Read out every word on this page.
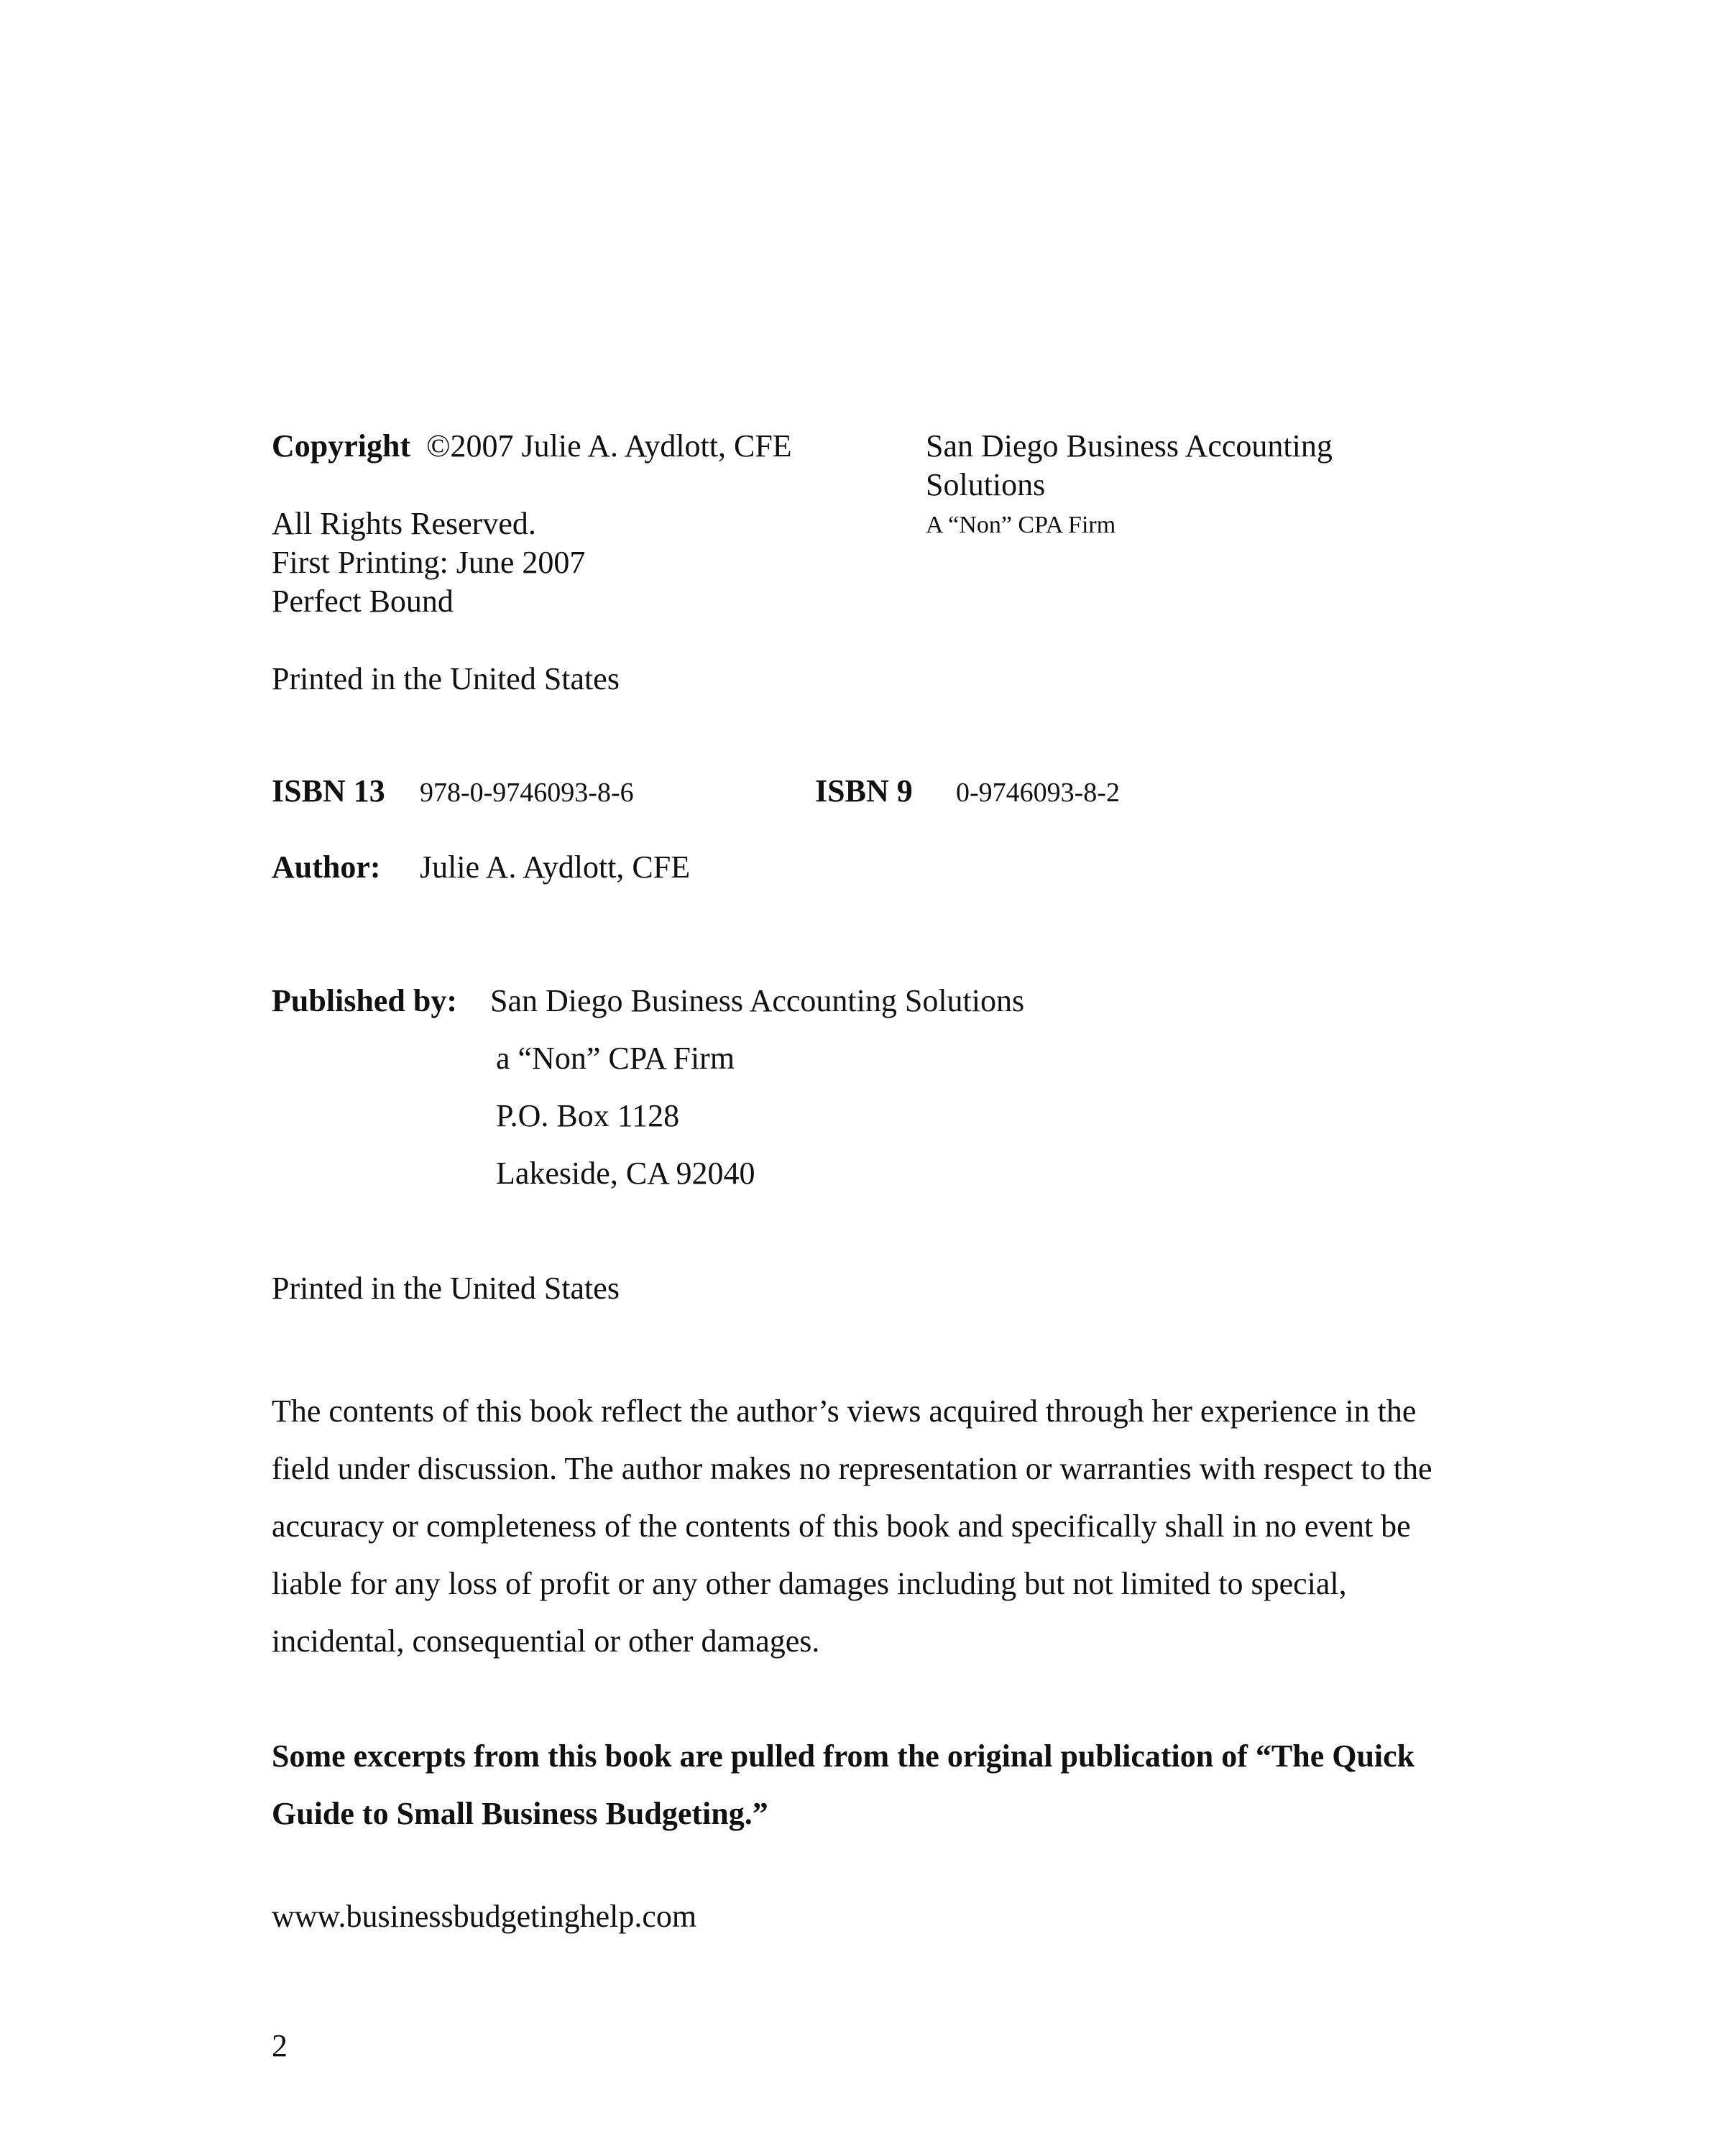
Copyright ©2007 Julie A. Aydlott, CFE
All Rights Reserved.
First Printing: June 2007
Perfect Bound
Printed in the United States
San Diego Business Accounting
Solutions
A “Non” CPA Firm
ISBN 13 978-0-9746093-8-6	ISBN 9 0-9746093-8-2
Author: Julie A. Aydlott, CFE
Published by: San Diego Business Accounting Solutions
a “Non” CPA Firm
P.O. Box 1128
Lakeside, CA 92040
Printed in the United States
The contents of this book reflect the author’s views acquired through her experience in the field under discussion. The author makes no representation or warranties with respect to the accuracy or completeness of the contents of this book and specifically shall in no event be liable for any loss of profit or any other damages including but not limited to special, incidental, consequential or other damages.
Some excerpts from this book are pulled from the original publication of “The Quick Guide to Small Business Budgeting.”
www.businessbudgetinghelp.com
2
